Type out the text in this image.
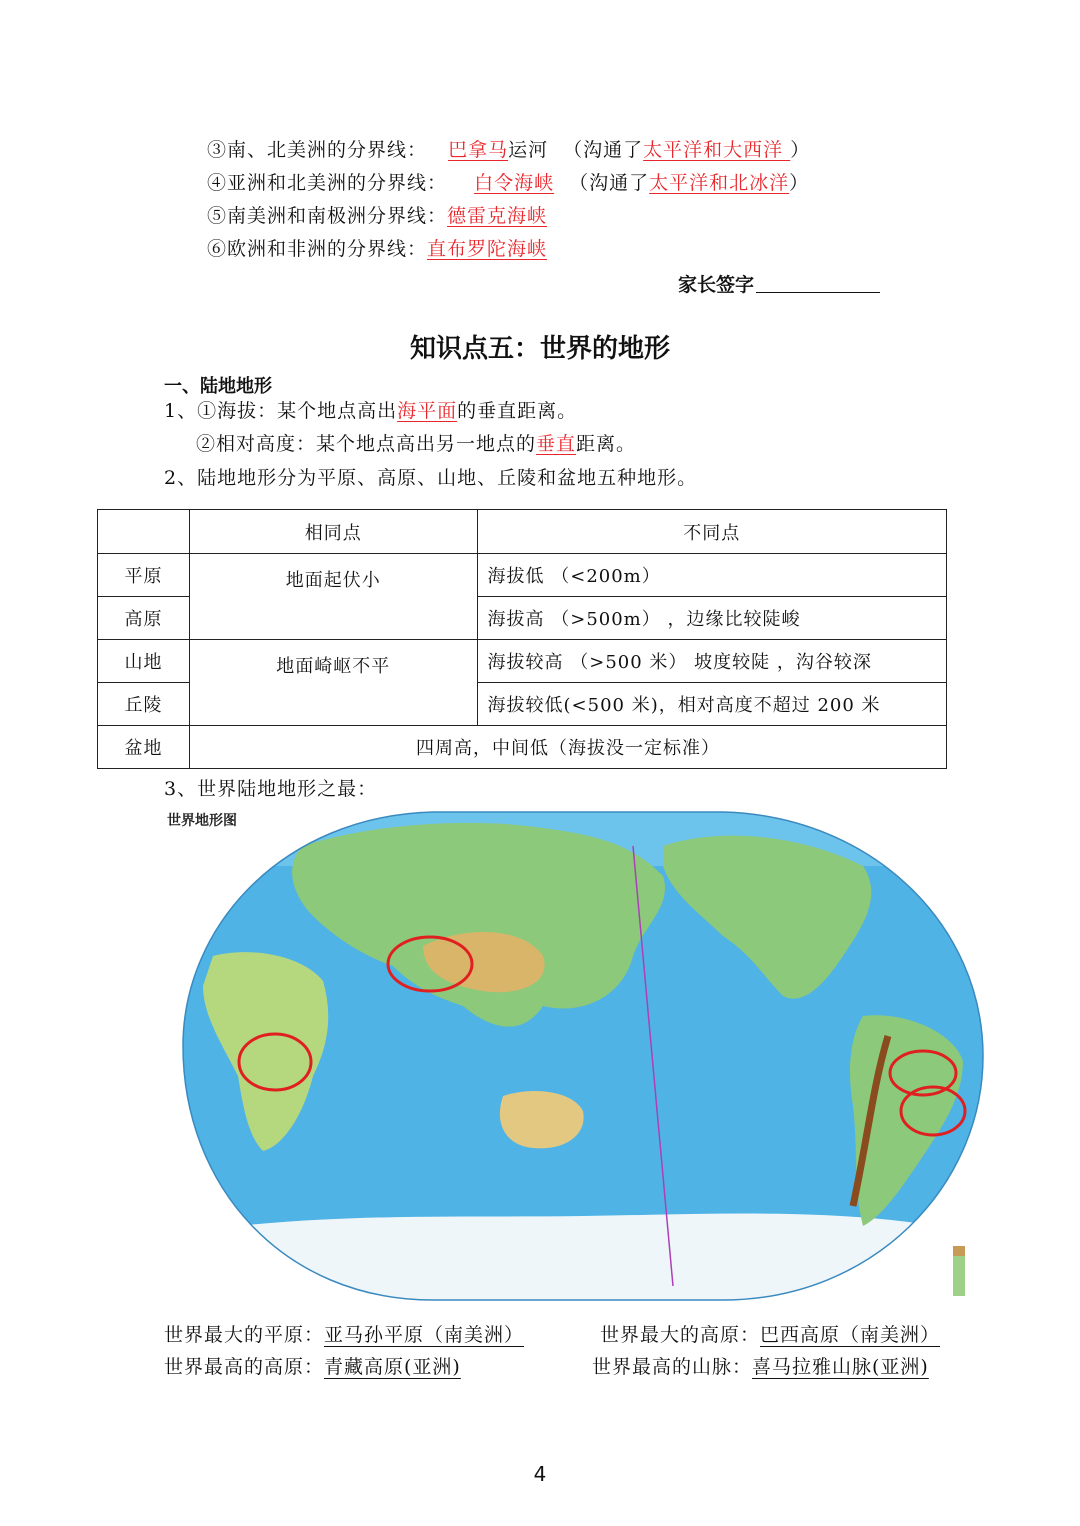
③南、北美洲的分界线： 巴拿马运河 （沟通了太平洋和大西洋 ）
④亚洲和北美洲的分界线： 白令海峡 （沟通了太平洋和北冰洋）
⑤南美洲和南极洲分界线：德雷克海峡
⑥欧洲和非洲的分界线：直布罗陀海峡
家长签字
知识点五：世界的地形
一、陆地地形
1、①海拔：某个地点高出海平面的垂直距离。
②相对高度：某个地点高出另一地点的垂直距离。
2、陆地地形分为平原、高原、山地、丘陵和盆地五种地形。
	相同点	不同点
平原	地面起伏小	海拔低 （<200m）
高原		海拔高 （>500m） ，边缘比较陡峻
山地	地面崎岖不平	海拔较高 （>500 米） 坡度较陡 ，沟谷较深
丘陵		海拔较低(<500 米)，相对高度不超过 200 米
盆地	四周高，中间低（海拔没一定标准）	
3、世界陆地地形之最：
世界地形图
世界最大的平原：亚马孙平原（南美洲）	世界最大的高原：巴西高原（南美洲）
世界最高的高原：青藏高原(亚洲)	世界最高的山脉：喜马拉雅山脉(亚洲)
4
